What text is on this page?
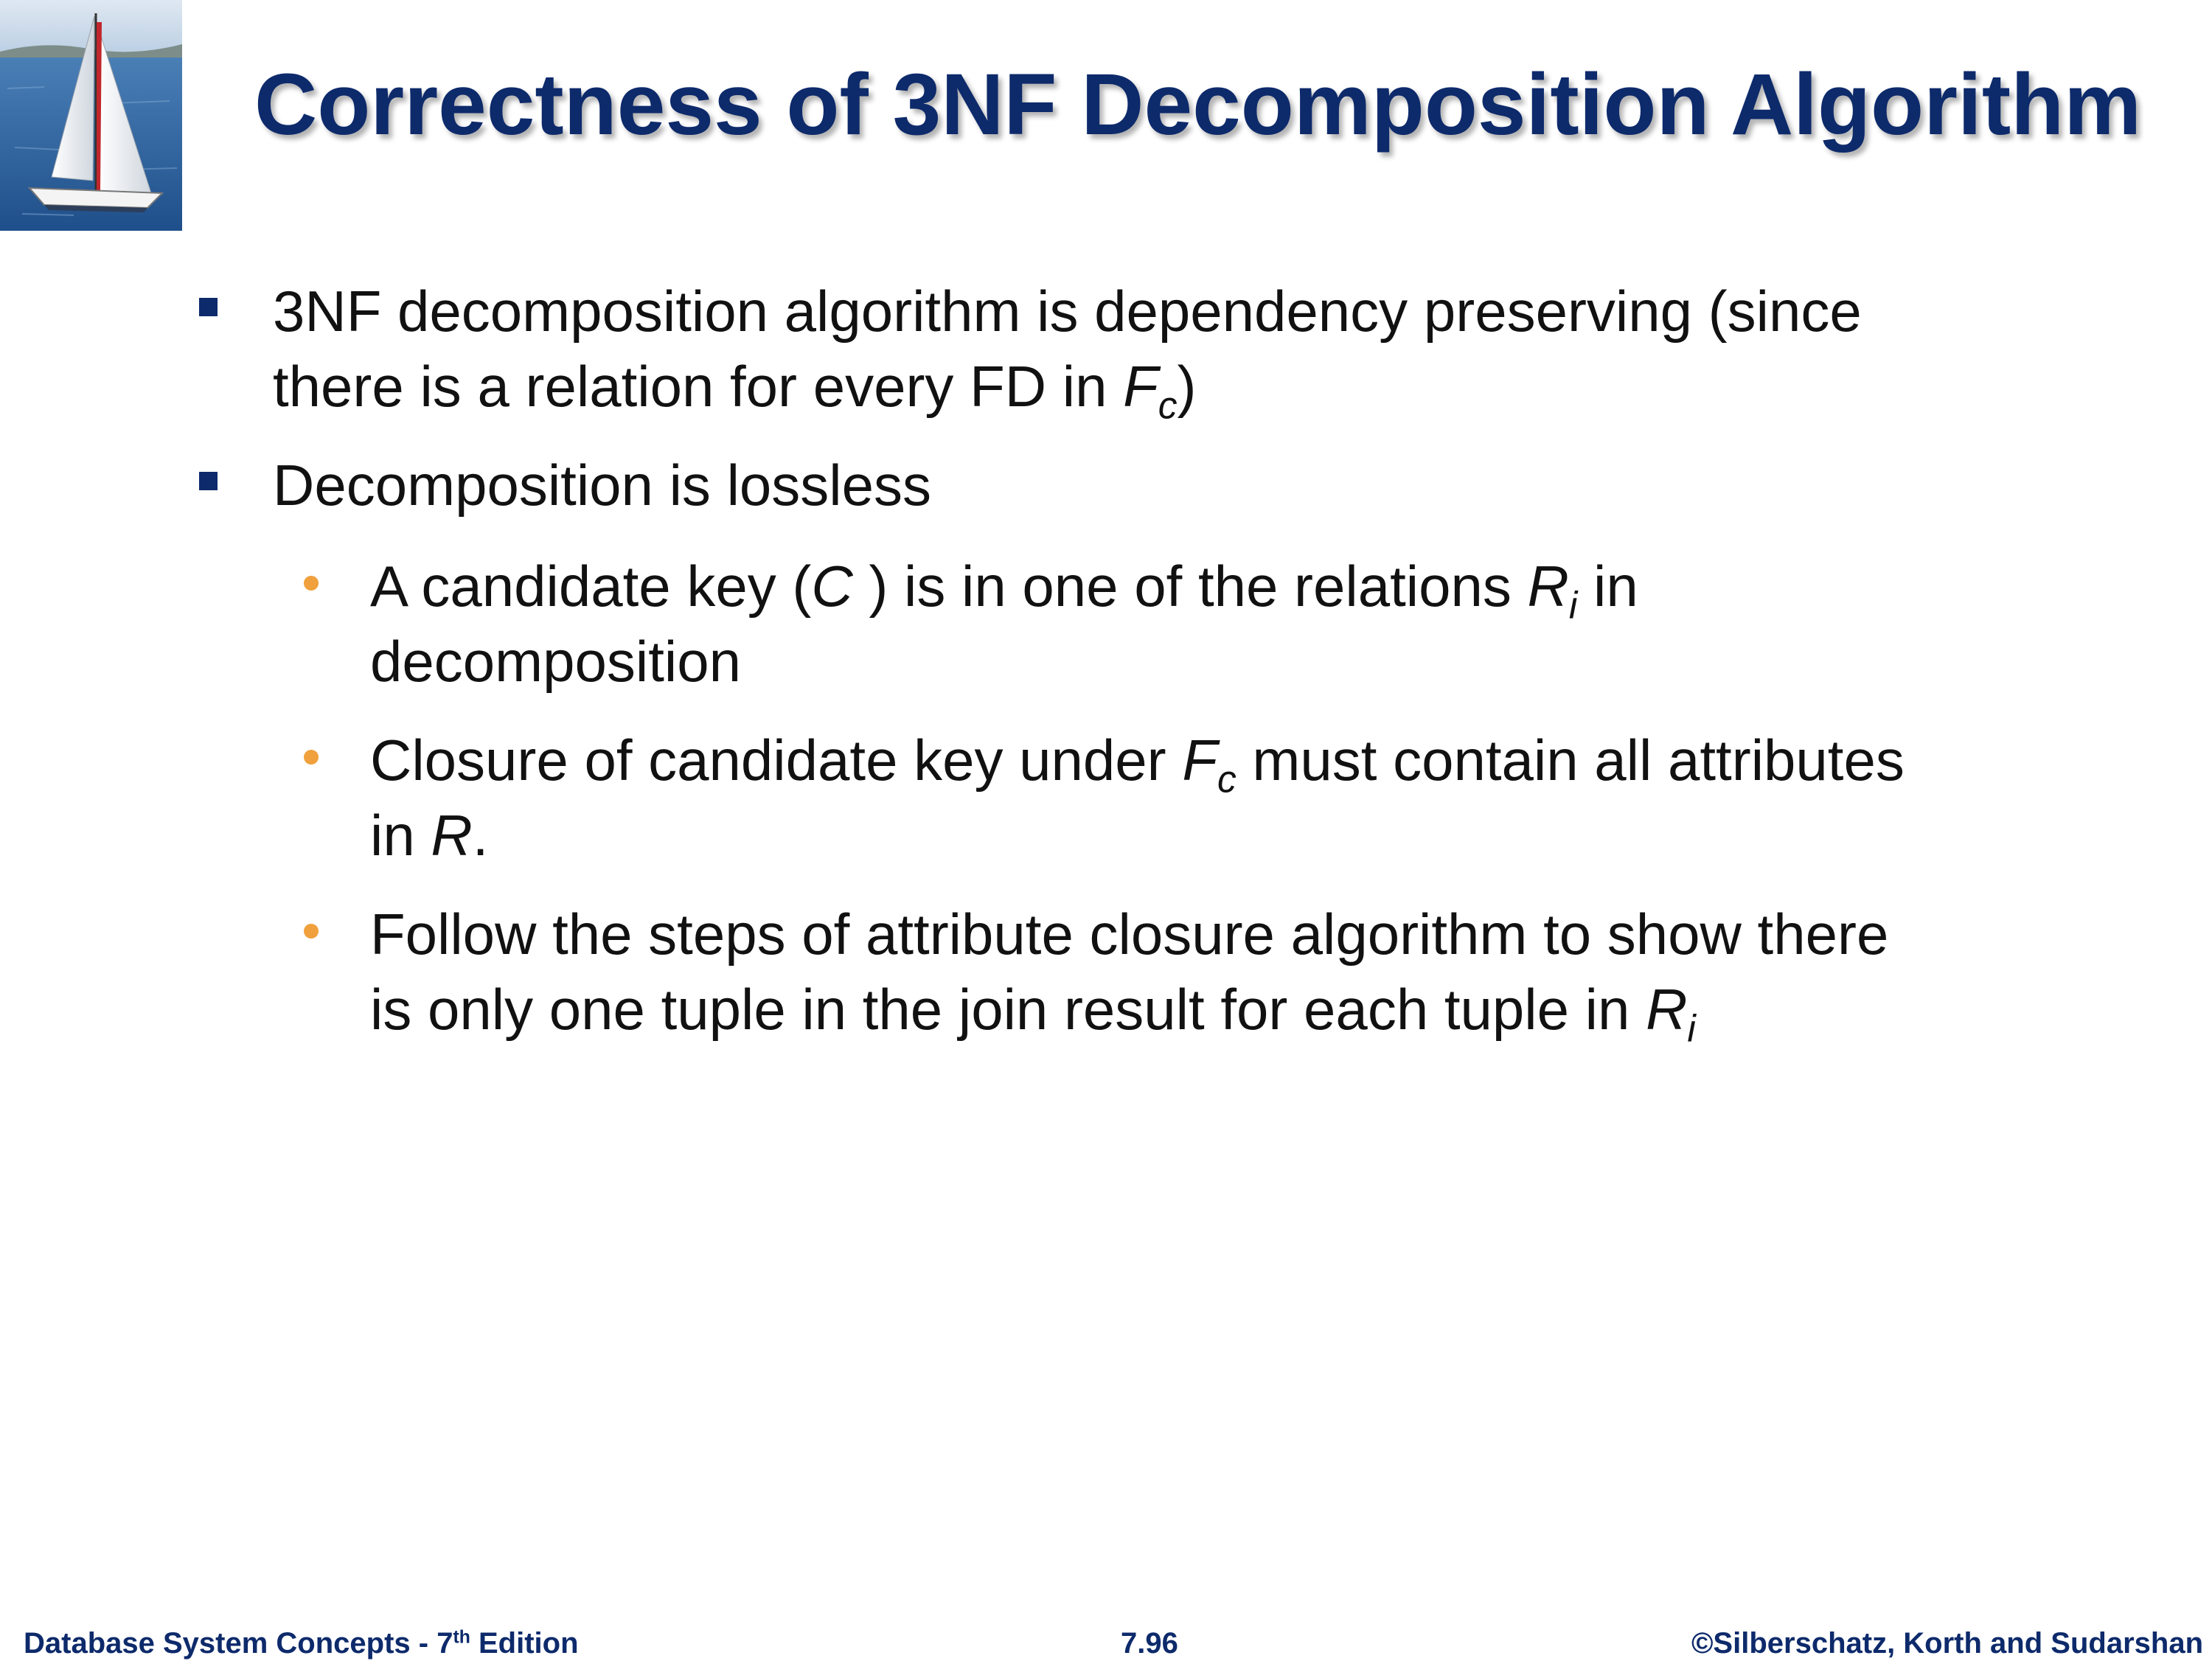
Correctness of 3NF Decomposition Algorithm
3NF decomposition algorithm is dependency preserving (since
there is a relation for every FD in $F_c$)
Decomposition is lossless
A candidate key (C ) is in one of the relations $R_i$ in
decomposition
Closure of candidate key under $F_c$ must contain all attributes
in R.
Follow the steps of attribute closure algorithm to show there
is only one tuple in the join result for each tuple in $R_i$
Database System Concepts - 7th Edition	7.96	©Silberschatz, Korth and Sudarshan
